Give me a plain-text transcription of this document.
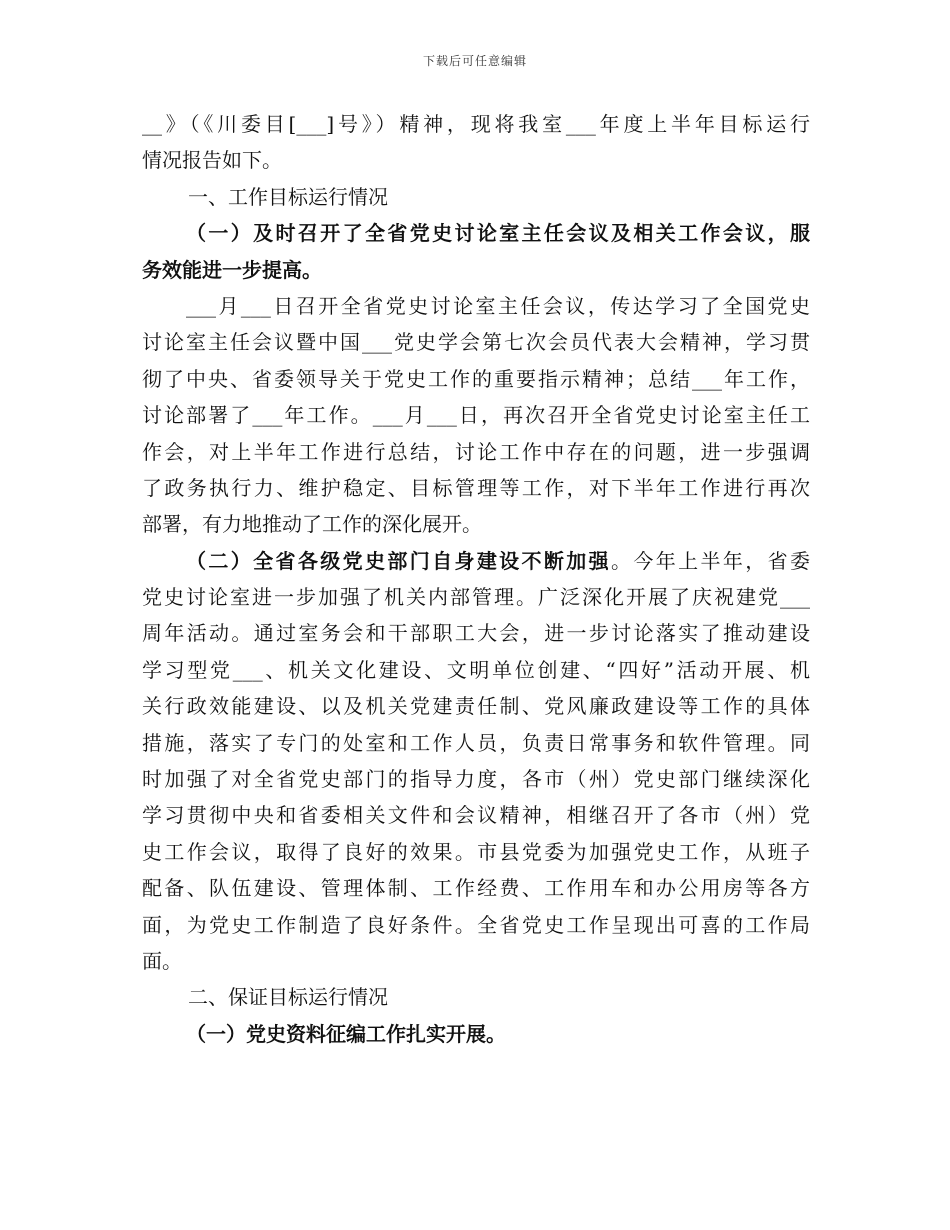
下载后可任意编辑
__》（《川委目[___]号》）精神，现将我室___年度上半年目标运行
情况报告如下。
一、工作目标运行情况
（一）及时召开了全省党史讨论室主任会议及相关工作会议，服
务效能进一步提高。
___月___日召开全省党史讨论室主任会议，传达学习了全国党史
讨论室主任会议暨中国___党史学会第七次会员代表大会精神，学习贯
彻了中央、省委领导关于党史工作的重要指示精神；总结___年工作，
讨论部署了___年工作。___月___日，再次召开全省党史讨论室主任工
作会，对上半年工作进行总结，讨论工作中存在的问题，进一步强调
了政务执行力、维护稳定、目标管理等工作，对下半年工作进行再次
部署，有力地推动了工作的深化展开。
（二）全省各级党史部门自身建设不断加强。今年上半年，省委
党史讨论室进一步加强了机关内部管理。广泛深化开展了庆祝建党___
周年活动。通过室务会和干部职工大会，进一步讨论落实了推动建设
学习型党___、机关文化建设、文明单位创建、“四好”活动开展、机
关行政效能建设、以及机关党建责任制、党风廉政建设等工作的具体
措施，落实了专门的处室和工作人员，负责日常事务和软件管理。同
时加强了对全省党史部门的指导力度，各市（州）党史部门继续深化
学习贯彻中央和省委相关文件和会议精神，相继召开了各市（州）党
史工作会议，取得了良好的效果。市县党委为加强党史工作，从班子
配备、队伍建设、管理体制、工作经费、工作用车和办公用房等各方
面，为党史工作制造了良好条件。全省党史工作呈现出可喜的工作局
面。
二、保证目标运行情况
（一）党史资料征编工作扎实开展。
